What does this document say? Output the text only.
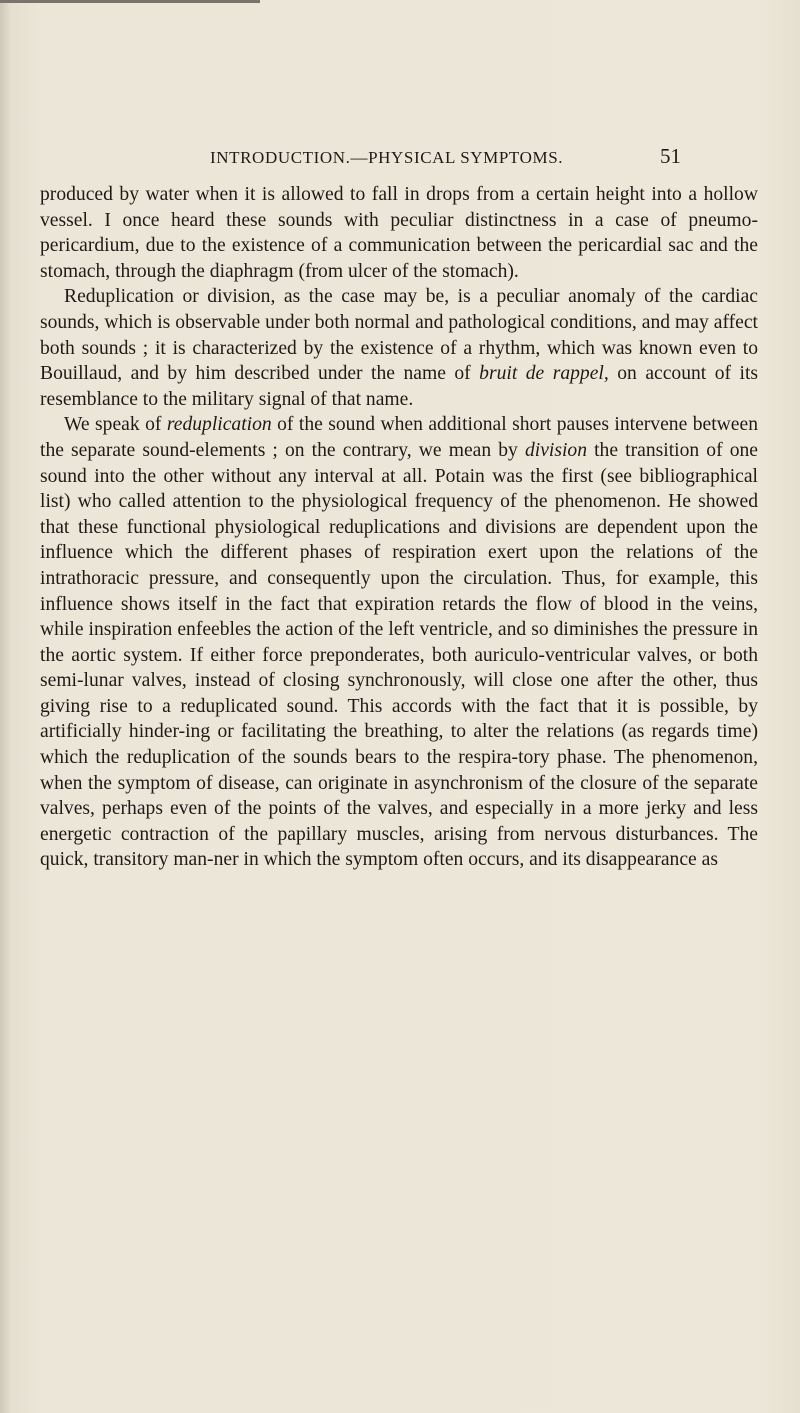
INTRODUCTION.—PHYSICAL SYMPTOMS.	51

produced by water when it is allowed to fall in drops from a certain height into a hollow vessel. I once heard these sounds with peculiar distinctness in a case of pneumo-pericardium, due to the existence of a communication between the pericardial sac and the stomach, through the diaphragm (from ulcer of the stomach).

Reduplication or division, as the case may be, is a peculiar anomaly of the cardiac sounds, which is observable under both normal and pathological conditions, and may affect both sounds ; it is characterized by the existence of a rhythm, which was known even to Bouillaud, and by him described under the name of bruit de rappel, on account of its resemblance to the military signal of that name.

We speak of reduplication of the sound when additional short pauses intervene between the separate sound-elements ; on the contrary, we mean by division the transition of one sound into the other without any interval at all. Potain was the first (see bibliographical list) who called attention to the physiological frequency of the phenomenon. He showed that these functional physiological reduplications and divisions are dependent upon the influence which the different phases of respiration exert upon the relations of the intrathoracic pressure, and consequently upon the circulation. Thus, for example, this influence shows itself in the fact that expiration retards the flow of blood in the veins, while inspiration enfeebles the action of the left ventricle, and so diminishes the pressure in the aortic system. If either force preponderates, both auriculo-ventricular valves, or both semi-lunar valves, instead of closing synchronously, will close one after the other, thus giving rise to a reduplicated sound. This accords with the fact that it is possible, by artificially hinder-ing or facilitating the breathing, to alter the relations (as regards time) which the reduplication of the sounds bears to the respira-tory phase. The phenomenon, when the symptom of disease, can originate in asynchronism of the closure of the separate valves, perhaps even of the points of the valves, and especially in a more jerky and less energetic contraction of the papillary muscles, arising from nervous disturbances. The quick, transitory man-ner in which the symptom often occurs, and its disappearance as
